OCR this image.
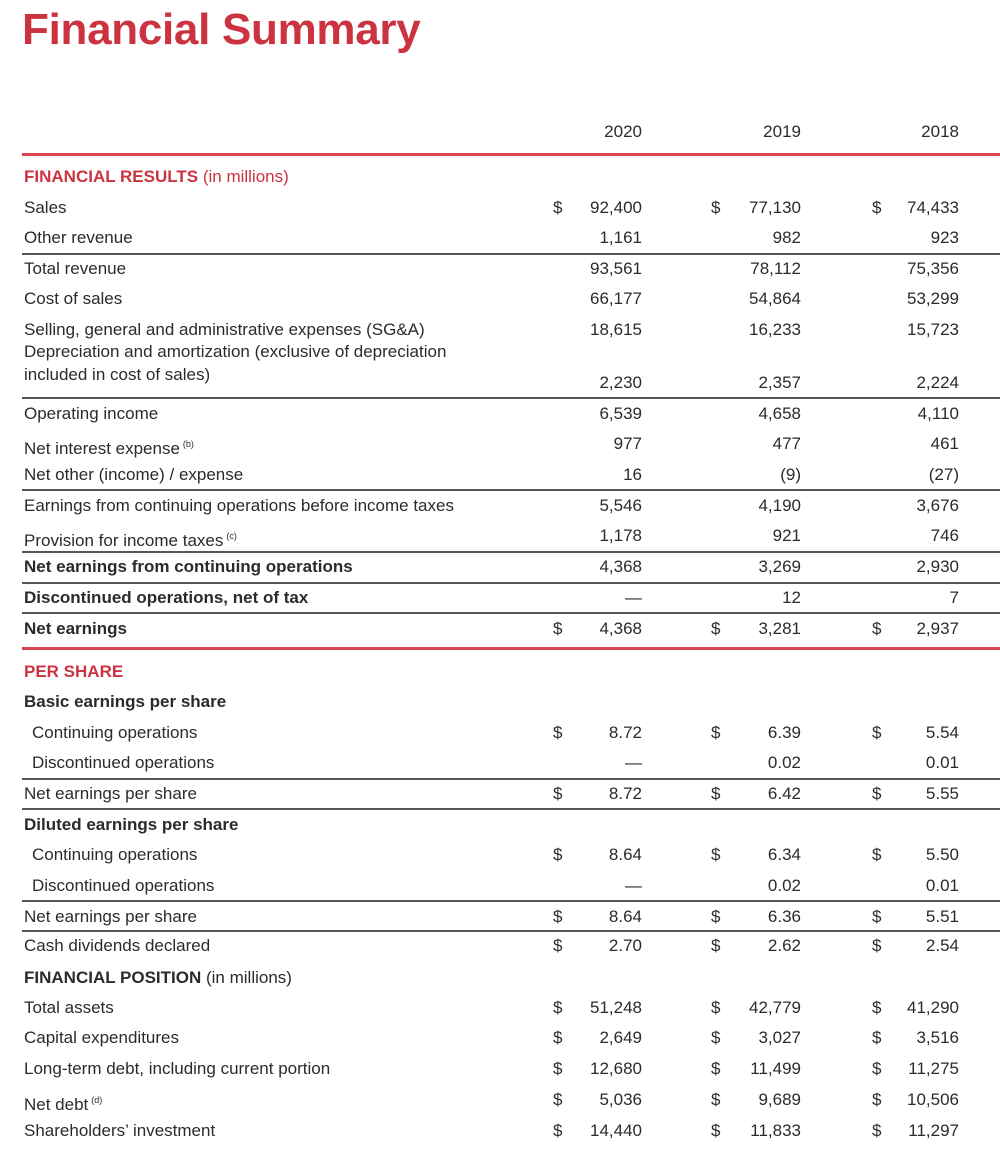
Financial Summary
2020	2019	2018
FINANCIAL RESULTS (in millions)
Sales	$ 92,400	$ 77,130	$ 74,433
Other revenue	1,161	982	923
Total revenue	93,561	78,112	75,356
Cost of sales	66,177	54,864	53,299
Selling, general and administrative expenses (SG&A)	18,615	16,233	15,723
Depreciation and amortization (exclusive of depreciation
included in cost of sales)	2,230	2,357	2,224
Operating income	6,539	4,658	4,110
Net interest expense $^{(b)}$	977	477	461
Net other (income) / expense	16	(9)	(27)
Earnings from continuing operations before income taxes	5,546	4,190	3,676
Provision for income taxes $^{(c)}$	1,178	921	746
Net earnings from continuing operations	4,368	3,269	2,930
Discontinued operations, net of tax	—	12	7
Net earnings	$ 4,368	$ 3,281	$ 2,937
Continuing operations	$	8.72	$	6.39	$	5.54
Discontinued operations	—	0.02	0.01
Net earnings per share	$	8.72	$	6.42	$	5.55
Continuing operations	$	8.64	$	6.34	$	5.50
Discontinued operations	—	0.02	0.01
Net earnings per share	$	8.64	$	6.36	$	5.51
Cash dividends declared	$	2.70	$	2.62	$	2.54
Total assets	$ 51,248	$ 42,779	$ 41,290
Capital expenditures	$ 2,649	$ 3,027	$ 3,516
Long-term debt, including current portion	$ 12,680	$ 11,499	$ 11,275
Net debt $^{(d)}$	$ 5,036	$ 9,689	$ 10,506
Shareholders’ investment	$ 14,440	$ 11,833	$ 11,297
PER SHARE
Basic earnings per share
Diluted earnings per share
FINANCIAL POSITION (in millions)
